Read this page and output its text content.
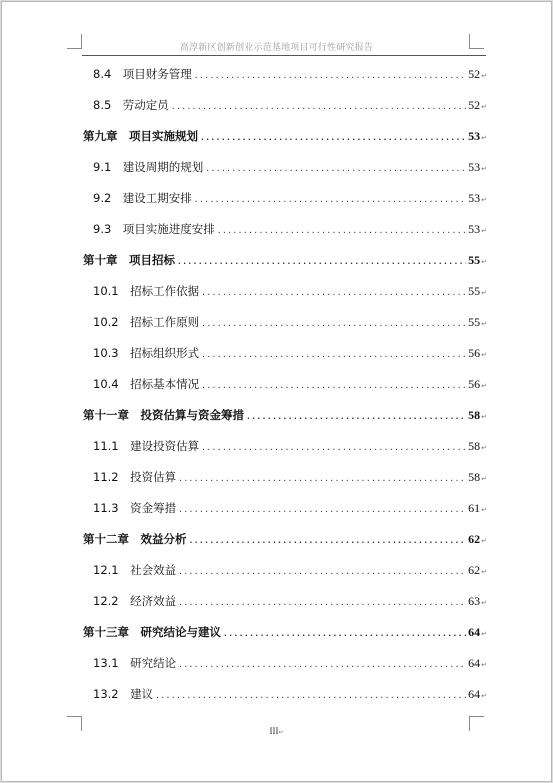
高淳新区创新创业示范基地项目可行性研究报告
8.4　项目财务管理 .....	52 ↵
8.5　劳动定员 .....	52 ↵
第九章　项目实施规划 .....	53 ↵
9.1　建设周期的规划 .....	53 ↵
9.2　建设工期安排 .....	53 ↵
9.3　项目实施进度安排 .....	53 ↵
第十章　项目招标 .....	55 ↵
10.1　招标工作依据 .....	55 ↵
10.2　招标工作原则 .....	55 ↵
10.3　招标组织形式 .....	56 ↵
10.4　招标基本情况 .....	56 ↵
第十一章　投资估算与资金筹措 .....	58 ↵
11.1　建设投资估算 .....	58 ↵
11.2　投资估算 .....	58 ↵
11.3　资金筹措 .....	61 ↵
第十二章　效益分析 .....	62 ↵
12.1　社会效益 .....	62 ↵
12.2　经济效益 .....	63 ↵
第十三章　研究结论与建议 .....	64 ↵
13.1　研究结论 .....	64 ↵
13.2　建议 .....	64 ↵
III↵
